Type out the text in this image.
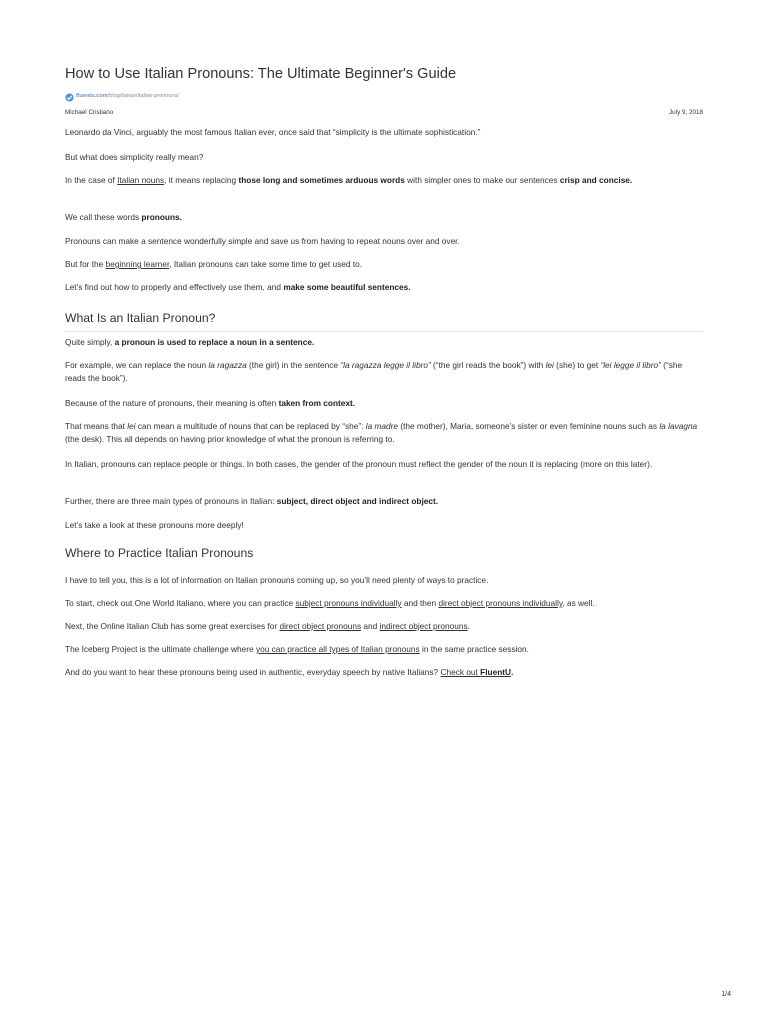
How to Use Italian Pronouns: The Ultimate Beginner's Guide
fluentu.com /blog/italian/italian-pronouns/
Michael Cristiano	July 9, 2018

Leonardo da Vinci, arguably the most famous Italian ever, once said that “simplicity is the ultimate sophistication.”

But what does simplicity really mean?

In the case of Italian nouns, it means replacing those long and sometimes arduous words with simpler ones to make our sentences crisp and concise.

We call these words pronouns.

Pronouns can make a sentence wonderfully simple and save us from having to repeat nouns over and over.

But for the beginning learner, Italian pronouns can take some time to get used to.

Let’s find out how to properly and effectively use them, and make some beautiful sentences.

What Is an Italian Pronoun?

Quite simply, a pronoun is used to replace a noun in a sentence.

For example, we can replace the noun la ragazza (the girl) in the sentence “la ragazza legge il libro” (“the girl reads the book”) with lei (she) to get “lei legge il libro” (“she reads the book”).

Because of the nature of pronouns, their meaning is often taken from context.

That means that lei can mean a multitude of nouns that can be replaced by “she”: la madre (the mother), Maria, someone’s sister or even feminine nouns such as la lavagna (the desk). This all depends on having prior knowledge of what the pronoun is referring to.

In Italian, pronouns can replace people or things. In both cases, the gender of the pronoun must reflect the gender of the noun it is replacing (more on this later).

Further, there are three main types of pronouns in Italian: subject, direct object and indirect object.

Let’s take a look at these pronouns more deeply!

Where to Practice Italian Pronouns

I have to tell you, this is a lot of information on Italian pronouns coming up, so you’ll need plenty of ways to practice.

To start, check out One World Italiano, where you can practice subject pronouns individually and then direct object pronouns individually, as well.

Next, the Online Italian Club has some great exercises for direct object pronouns and indirect object pronouns.

The Iceberg Project is the ultimate challenge where you can practice all types of Italian pronouns in the same practice session.

And do you want to hear these pronouns being used in authentic, everyday speech by native Italians? Check out FluentU.

1/4
